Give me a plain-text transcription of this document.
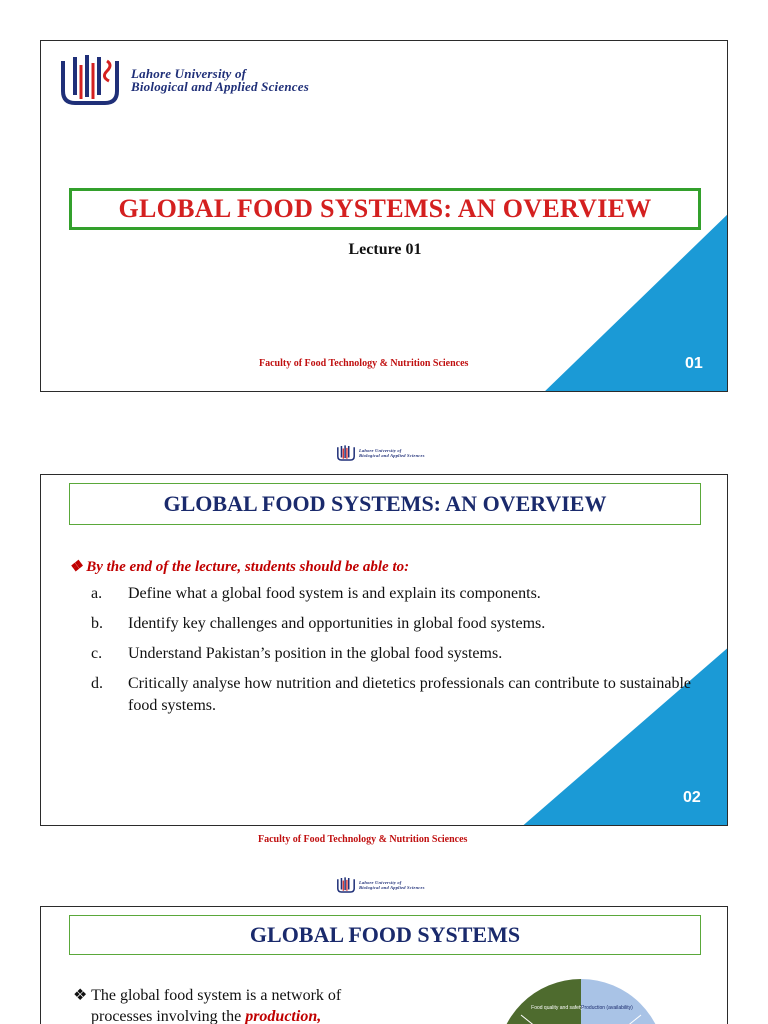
Lahore University of
Biological and Applied Sciences
GLOBAL FOOD SYSTEMS: AN OVERVIEW
Lecture 01
Faculty of Food Technology & Nutrition Sciences	01
Lahore University of
Biological and Applied Sciences
GLOBAL FOOD SYSTEMS: AN OVERVIEW
❖ By the end of the lecture, students should be able to:
a.	Define what a global food system is and explain its components.
b.	Identify key challenges and opportunities in global food systems.
c.	Understand Pakistan’s position in the global food systems.
d.	Critically analyse how nutrition and dietetics professionals can contribute to sustainable food systems.
02
Faculty of Food Technology & Nutrition Sciences
Lahore University of
Biological and Applied Sciences
GLOBAL FOOD SYSTEMS
❖ The global food system is a network of
processes involving the production,	Food quality and safety
Production (availability)
